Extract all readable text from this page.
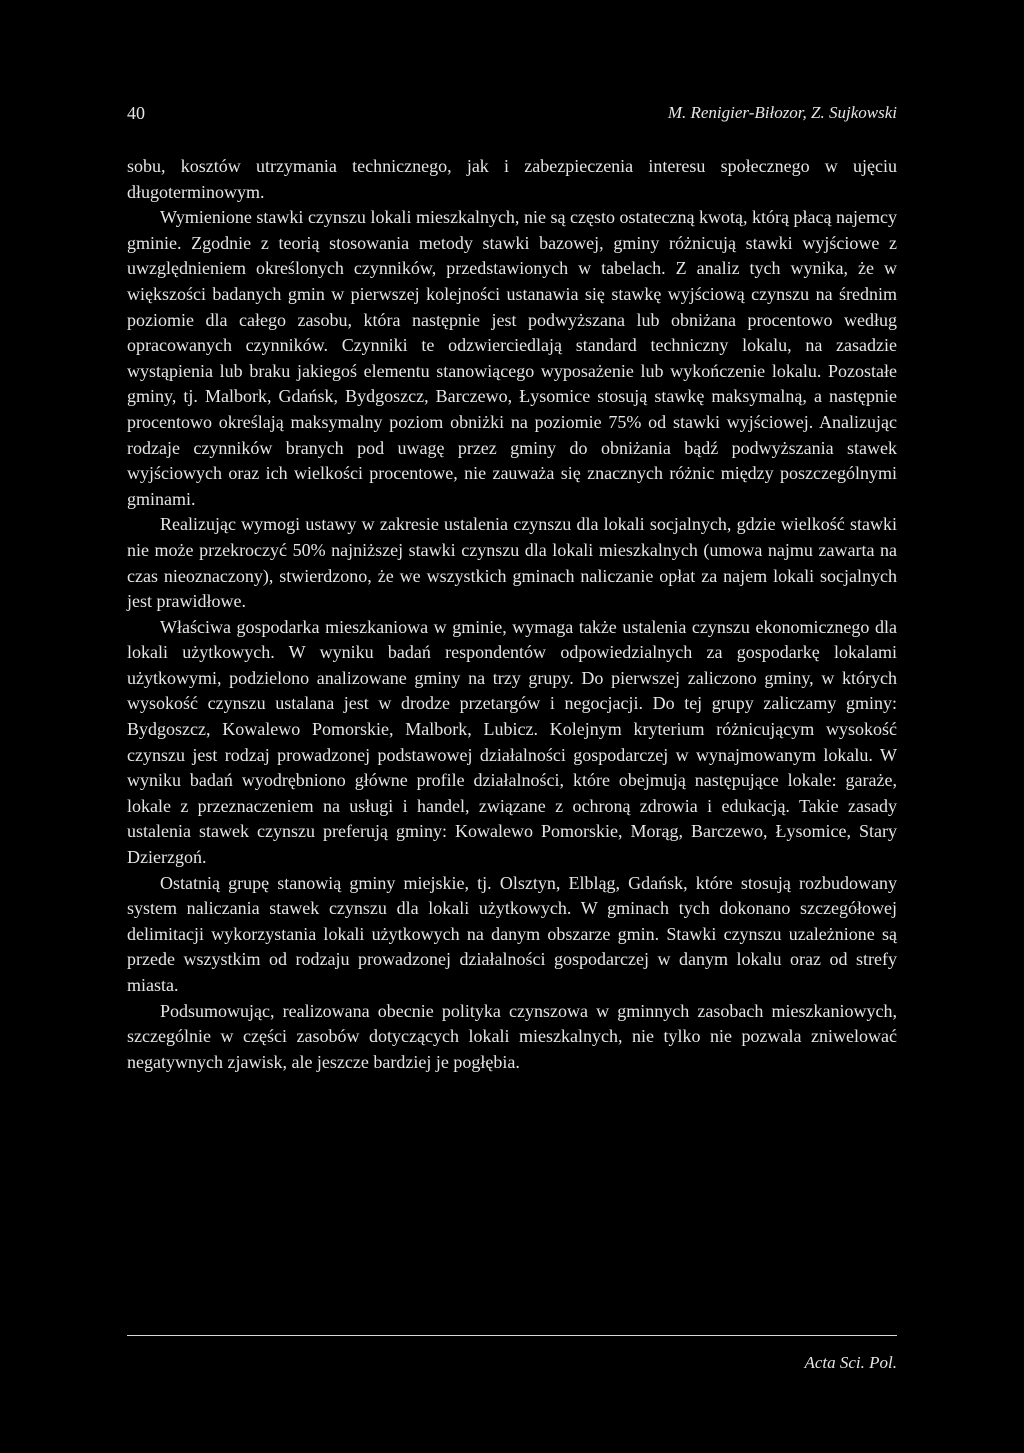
40	M. Renigier-Biłozor, Z. Sujkowski

sobu, kosztów utrzymania technicznego, jak i zabezpieczenia interesu społecznego w ujęciu długoterminowym.

Wymienione stawki czynszu lokali mieszkalnych, nie są często ostateczną kwotą, którą płacą najemcy gminie. Zgodnie z teorią stosowania metody stawki bazowej, gminy różnicują stawki wyjściowe z uwzględnieniem określonych czynników, przedstawionych w tabelach. Z analiz tych wynika, że w większości badanych gmin w pierwszej kolejności ustanawia się stawkę wyjściową czynszu na średnim poziomie dla całego zasobu, która następnie jest podwyższana lub obniżana procentowo według opracowanych czynników. Czynniki te odzwierciedlają standard techniczny lokalu, na zasadzie wystąpienia lub braku jakiegoś elementu stanowiącego wyposażenie lub wykończenie lokalu. Pozostałe gminy, tj. Malbork, Gdańsk, Bydgoszcz, Barczewo, Łysomice stosują stawkę maksymalną, a następnie procentowo określają maksymalny poziom obniżki na poziomie 75% od stawki wyjściowej. Analizując rodzaje czynników branych pod uwagę przez gminy do obniżania bądź podwyższania stawek wyjściowych oraz ich wielkości procentowe, nie zauważa się znacznych różnic między poszczególnymi gminami.

Realizując wymogi ustawy w zakresie ustalenia czynszu dla lokali socjalnych, gdzie wielkość stawki nie może przekroczyć 50% najniższej stawki czynszu dla lokali mieszkalnych (umowa najmu zawarta na czas nieoznaczony), stwierdzono, że we wszystkich gminach naliczanie opłat za najem lokali socjalnych jest prawidłowe.

Właściwa gospodarka mieszkaniowa w gminie, wymaga także ustalenia czynszu ekonomicznego dla lokali użytkowych. W wyniku badań respondentów odpowiedzialnych za gospodarkę lokalami użytkowymi, podzielono analizowane gminy na trzy grupy. Do pierwszej zaliczono gminy, w których wysokość czynszu ustalana jest w drodze przetargów i negocjacji. Do tej grupy zaliczamy gminy: Bydgoszcz, Kowalewo Pomorskie, Malbork, Lubicz. Kolejnym kryterium różnicującym wysokość czynszu jest rodzaj prowadzonej podstawowej działalności gospodarczej w wynajmowanym lokalu. W wyniku badań wyodrębniono główne profile działalności, które obejmują następujące lokale: garaże, lokale z przeznaczeniem na usługi i handel, związane z ochroną zdrowia i edukacją. Takie zasady ustalenia stawek czynszu preferują gminy: Kowalewo Pomorskie, Morąg, Barczewo, Łysomice, Stary Dzierzgoń.

Ostatnią grupę stanowią gminy miejskie, tj. Olsztyn, Elbląg, Gdańsk, które stosują rozbudowany system naliczania stawek czynszu dla lokali użytkowych. W gminach tych dokonano szczegółowej delimitacji wykorzystania lokali użytkowych na danym obszarze gmin. Stawki czynszu uzależnione są przede wszystkim od rodzaju prowadzonej działalności gospodarczej w danym lokalu oraz od strefy miasta.

Podsumowując, realizowana obecnie polityka czynszowa w gminnych zasobach mieszkaniowych, szczególnie w części zasobów dotyczących lokali mieszkalnych, nie tylko nie pozwala zniwelować negatywnych zjawisk, ale jeszcze bardziej je pogłębia.

Acta Sci. Pol.
